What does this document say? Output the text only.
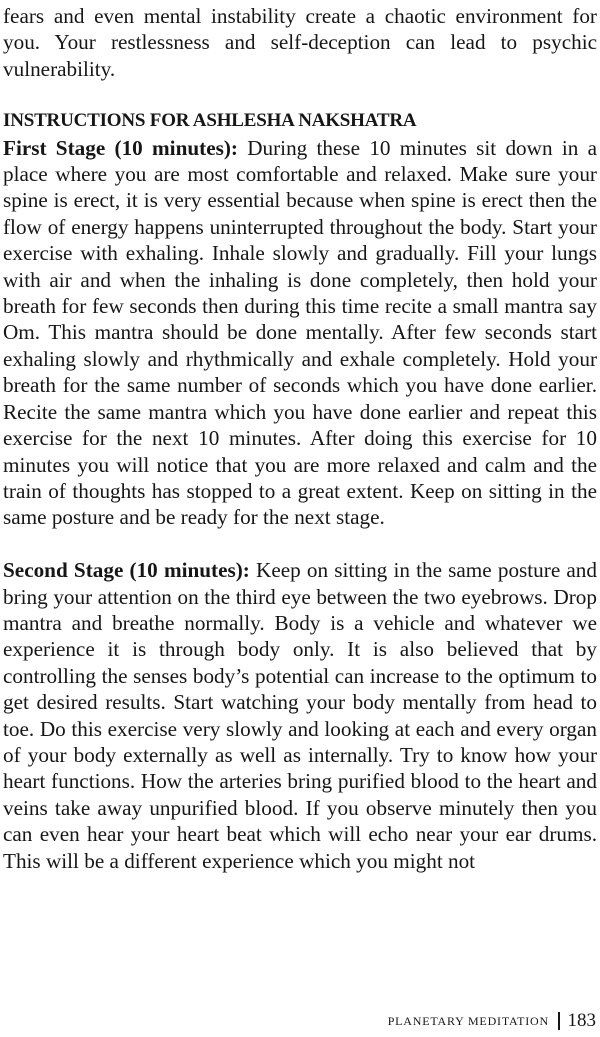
fears and even mental instability create a chaotic environment for you. Your restlessness and self-deception can lead to psychic vulnerability.

INSTRUCTIONS FOR ASHLESHA NAKSHATRA

First Stage (10 minutes): During these 10 minutes sit down in a place where you are most comfortable and relaxed. Make sure your spine is erect, it is very essential because when spine is erect then the flow of energy happens uninterrupted throughout the body. Start your exercise with exhaling. Inhale slowly and gradually. Fill your lungs with air and when the inhaling is done completely, then hold your breath for few seconds then during this time recite a small mantra say Om. This mantra should be done mentally. After few seconds start exhaling slowly and rhythmically and exhale completely. Hold your breath for the same number of seconds which you have done earlier. Recite the same mantra which you have done earlier and repeat this exercise for the next 10 minutes. After doing this exercise for 10 minutes you will notice that you are more relaxed and calm and the train of thoughts has stopped to a great extent. Keep on sitting in the same posture and be ready for the next stage.

Second Stage (10 minutes): Keep on sitting in the same posture and bring your attention on the third eye between the two eyebrows. Drop mantra and breathe normally. Body is a vehicle and whatever we experience it is through body only. It is also believed that by controlling the senses body’s potential can increase to the optimum to get desired results. Start watching your body mentally from head to toe. Do this exercise very slowly and looking at each and every organ of your body externally as well as internally. Try to know how your heart functions. How the arteries bring purified blood to the heart and veins take away unpurified blood. If you observe minutely then you can even hear your heart beat which will echo near your ear drums. This will be a different experience which you might not

PLANETARY MEDITATION 183
